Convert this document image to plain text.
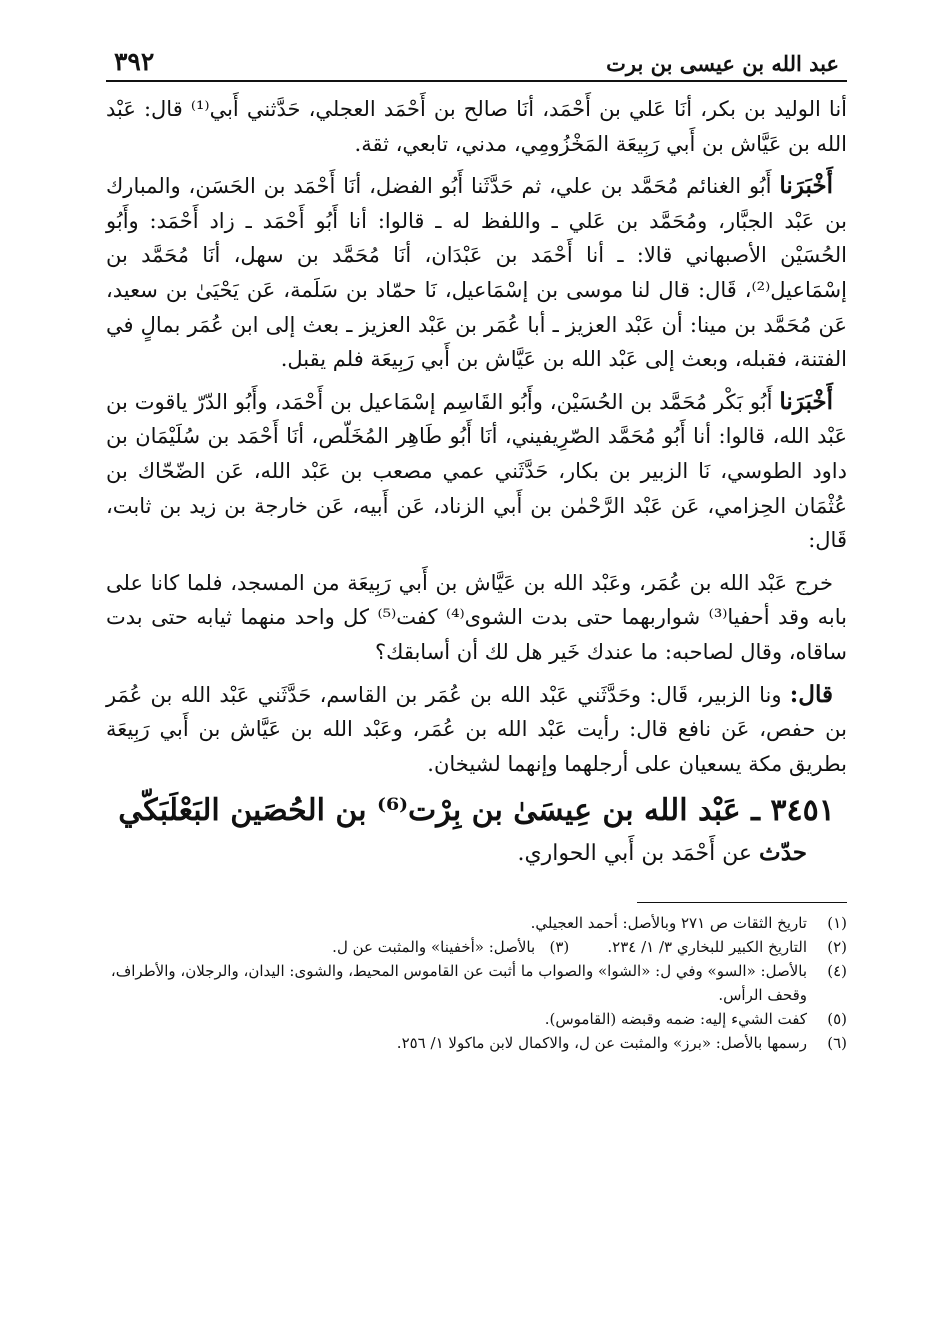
عبد الله بن عيسى بن برت
٣٩٢

أنا الوليد بن بكر، أنَا عَلي بن أَحْمَد، أنَا صالح بن أَحْمَد العجلي، حَدَّثني أَبي⁽¹⁾ قال: عَبْد الله بن عَيَّاش بن أَبي رَبِيعَة المَخْزُومِي، مدني، تابعي، ثقة.

أَخْبَرَنا أَبُو الغنائم مُحَمَّد بن علي، ثم حَدَّثَنا أَبُو الفضل، أنَا أَحْمَد بن الحَسَن، والمبارك بن عَبْد الجبَّار، ومُحَمَّد بن عَلي ـ واللفظ له ـ قالوا: أنا أَبُو أَحْمَد ـ زاد أَحْمَد: وأَبُو الحُسَيْن الأصبهاني قالا: ـ أنا أَحْمَد بن عَبْدَان، أنَا مُحَمَّد بن سهل، أنَا مُحَمَّد بن إسْمَاعيل⁽²⁾، قَال: قال لنا موسى بن إسْمَاعيل، نَا حمّاد بن سَلَمة، عَن يَحْيَىٰ بن سعيد، عَن مُحَمَّد بن مينا: أن عَبْد العزيز ـ أبا عُمَر بن عَبْد العزيز ـ بعث إلى ابن عُمَر بمالٍ في الفتنة، فقبله، وبعث إلى عَبْد الله بن عَيَّاش بن أَبي رَبِيعَة فلم يقبل.

أَخْبَرَنا أَبُو بَكْر مُحَمَّد بن الحُسَيْن، وأَبُو القَاسِم إسْمَاعيل بن أَحْمَد، وأَبُو الدّرّ ياقوت بن عَبْد الله، قالوا: أنا أَبُو مُحَمَّد الصّرِيفيني، أنَا أَبُو طَاهِر المُخَلّص، أنَا أَحْمَد بن سُلَيْمَان بن داود الطوسي، نَا الزبير بن بكار، حَدَّثَني عمي مصعب بن عَبْد الله، عَن الضّحّاك بن عُثْمَان الحِزامي، عَن عَبْد الرَّحْمٰن بن أَبي الزناد، عَن أَبيه، عَن خارجة بن زيد بن ثابت، قَال:

خرج عَبْد الله بن عُمَر، وعَبْد الله بن عَيَّاش بن أَبي رَبِيعَة من المسجد، فلما كانا على بابه وقد أحفيا⁽³⁾ شواربهما حتى بدت الشوى⁽⁴⁾ كفت⁽⁵⁾ كل واحد منهما ثيابه حتى بدت ساقاه، وقال لصاحبه: ما عندك خَير هل لك أن أسابقك؟

قال: ونا الزبير، قَال: وحَدَّثَني عَبْد الله بن عُمَر بن القاسم، حَدَّثَني عَبْد الله بن عُمَر بن حفص، عَن نافع قال: رأيت عَبْد الله بن عُمَر، وعَبْد الله بن عَيَّاش بن أَبي رَبِيعَة بطريق مكة يسعيان على أرجلهما وإنهما لشيخان.

٣٤٥١ ـ عَبْد الله بن عِيسَىٰ بن بِرْت⁽⁶⁾ بن الحُصَين البَعْلَبَكّي

حدّث عن أَحْمَد بن أَبي الحواري.

(١)
تاريخ الثقات ص ٢٧١ وبالأصل: أحمد العجيلي.
(٢)
التاريخ الكبير للبخاري ٣/ ١/ ٢٣٤.        (٣)   بالأصل: «أخفينا» والمثبت عن ل.
(٤)
بالأصل: «السو» وفي ل: «الشوا» والصواب ما أثبت عن القاموس المحيط، والشوى: اليدان، والرجلان، والأطراف، وقحف الرأس.
(٥)
كفت الشيء إليه: ضمه وقبضه (القاموس).
(٦)
رسمها بالأصل: «برز» والمثبت عن ل، والاكمال لابن ماكولا ١/ ٢٥٦.
